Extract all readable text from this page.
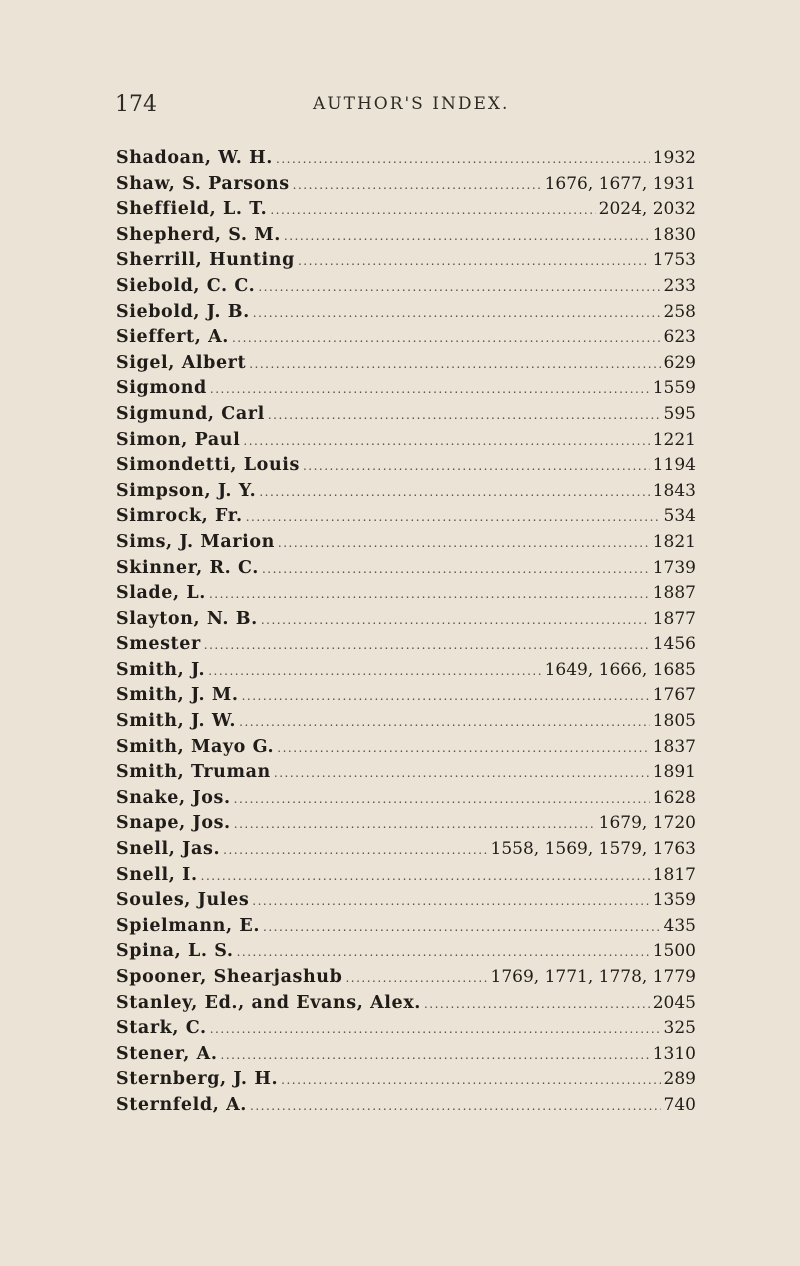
174	AUTHOR'S INDEX.
Shadoan, W. H. .....	1932
Shaw, S. Parsons .....	1676, 1677, 1931
Sheffield, L. T. .....	2024, 2032
Shepherd, S. M. .....	1830
Sherrill, Hunting .....	1753
Siebold, C. C. .....	233
Siebold, J. B. .....	258
Sieffert, A. .....	623
Sigel, Albert .....	629
Sigmond .....	1559
Sigmund, Carl .....	595
Simon, Paul .....	1221
Simondetti, Louis .....	1194
Simpson, J. Y. .....	1843
Simrock, Fr. .....	534
Sims, J. Marion .....	1821
Skinner, R. C. .....	1739
Slade, L. .....	1887
Slayton, N. B. .....	1877
Smester .....	1456
Smith, J. .....	1649, 1666, 1685
Smith, J. M. .....	1767
Smith, J. W. .....	1805
Smith, Mayo G. .....	1837
Smith, Truman .....	1891
Snake, Jos. .....	1628
Snape, Jos. .....	1679, 1720
Snell, Jas. .....	1558, 1569, 1579, 1763
Snell, I. .....	1817
Soules, Jules .....	1359
Spielmann, E. .....	435
Spina, L. S. .....	1500
Spooner, Shearjashub .....	1769, 1771, 1778, 1779
Stanley, Ed., and Evans, Alex. .....	2045
Stark, C. .....	325
Stener, A. .....	1310
Sternberg, J. H. .....	289
Sternfeld, A. .....	740
